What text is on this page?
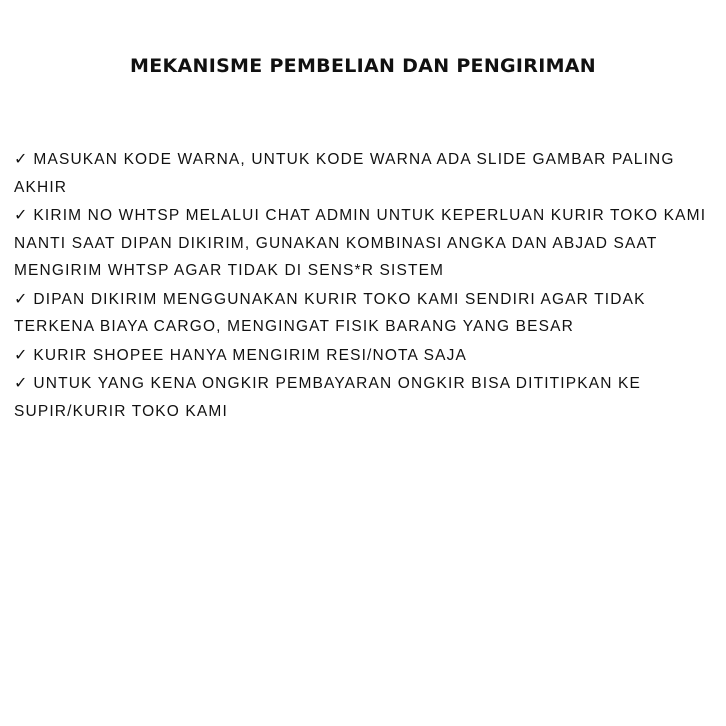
MEKANISME PEMBELIAN DAN PENGIRIMAN
✓ MASUKAN KODE WARNA, UNTUK KODE WARNA ADA SLIDE GAMBAR PALING AKHIR
✓ KIRIM NO WHTSP MELALUI CHAT ADMIN UNTUK KEPERLUAN KURIR TOKO KAMI NANTI SAAT DIPAN DIKIRIM, GUNAKAN KOMBINASI ANGKA DAN ABJAD SAAT MENGIRIM WHTSP AGAR TIDAK DI SENS*R SISTEM
✓ DIPAN DIKIRIM MENGGUNAKAN KURIR TOKO KAMI SENDIRI AGAR TIDAK TERKENA BIAYA CARGO, MENGINGAT FISIK BARANG YANG BESAR
✓ KURIR SHOPEE HANYA MENGIRIM RESI/NOTA SAJA
✓ UNTUK YANG KENA ONGKIR PEMBAYARAN ONGKIR BISA DITITIPKAN KE SUPIR/KURIR TOKO KAMI
